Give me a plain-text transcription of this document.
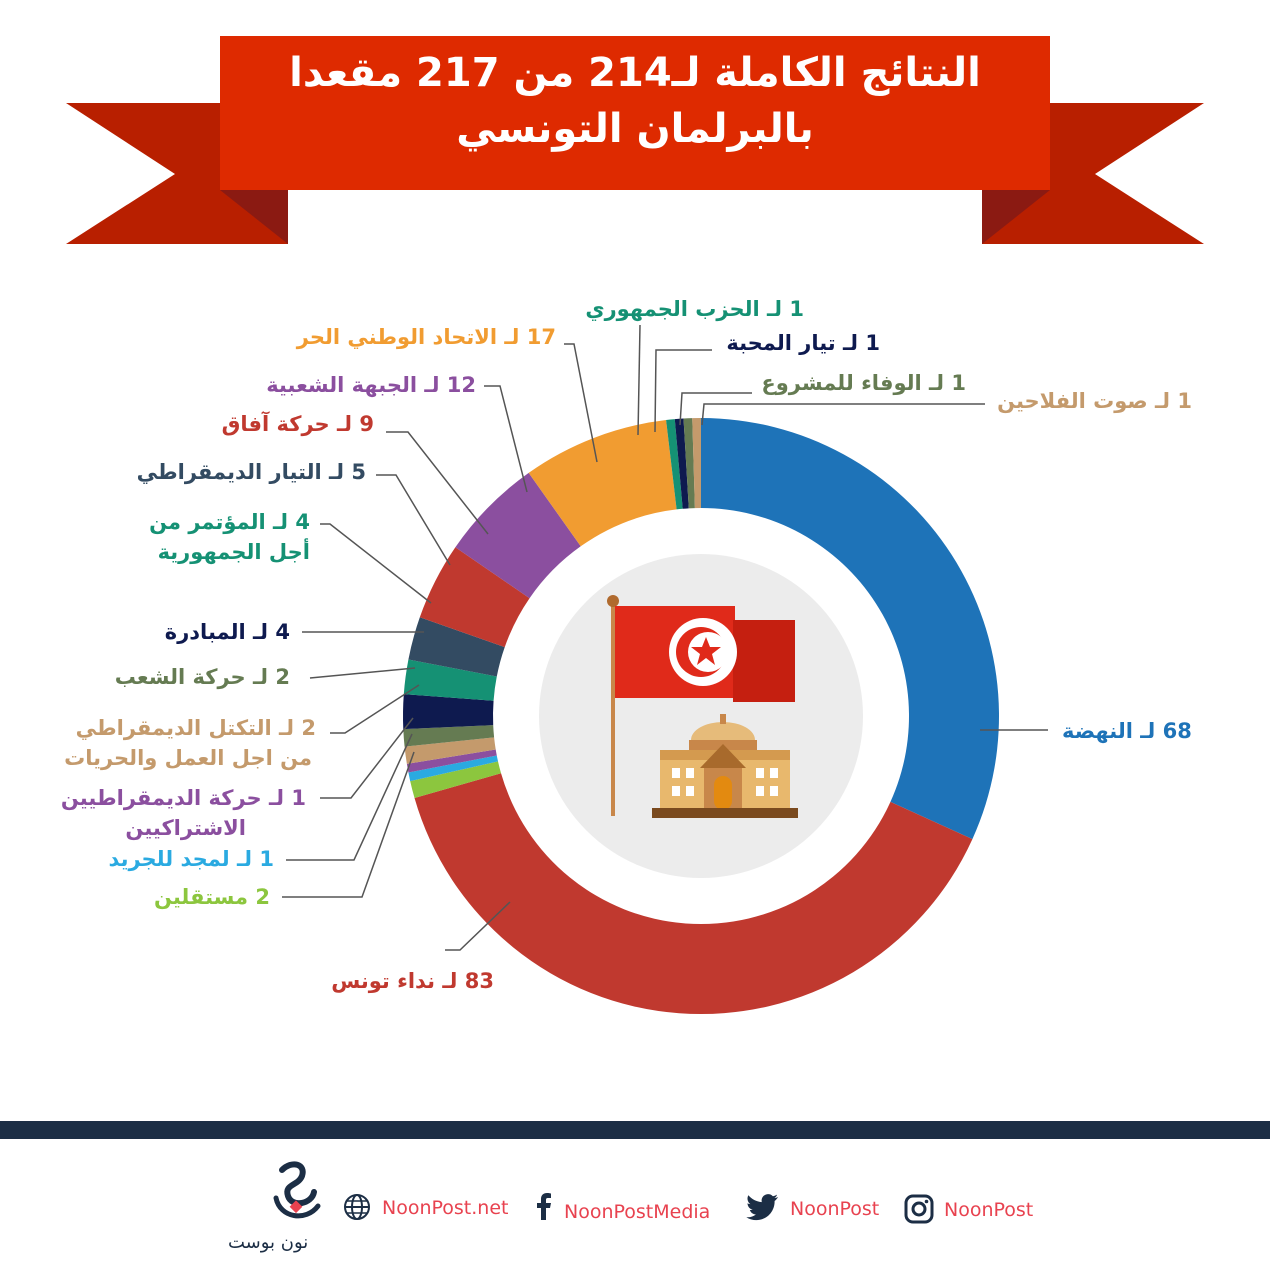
النتائج الكاملة لـ214 من 217 مقعدا
بالبرلمان التونسي
68 لـ النهضة
83 لـ نداء تونس
2 مستقلين
1 لـ لمجد للجريد
1 لـ حركة الديمقراطيين
الاشتراكيين
2 لـ التكتل الديمقراطي
من اجل العمل والحريات
2 لـ حركة الشعب
4 لـ المبادرة
4 لـ المؤتمر من
أجل الجمهورية
5 لـ التيار الديمقراطي
9 لـ حركة آفاق
12 لـ الجبهة الشعبية
17 لـ الاتحاد الوطني الحر
1 لـ الحزب الجمهوري
1 لـ تيار المحبة
1 لـ الوفاء للمشروع
1 لـ صوت الفلاحين
نون بوست
NoonPost.net	NoonPostMedia	NoonPost	NoonPost
